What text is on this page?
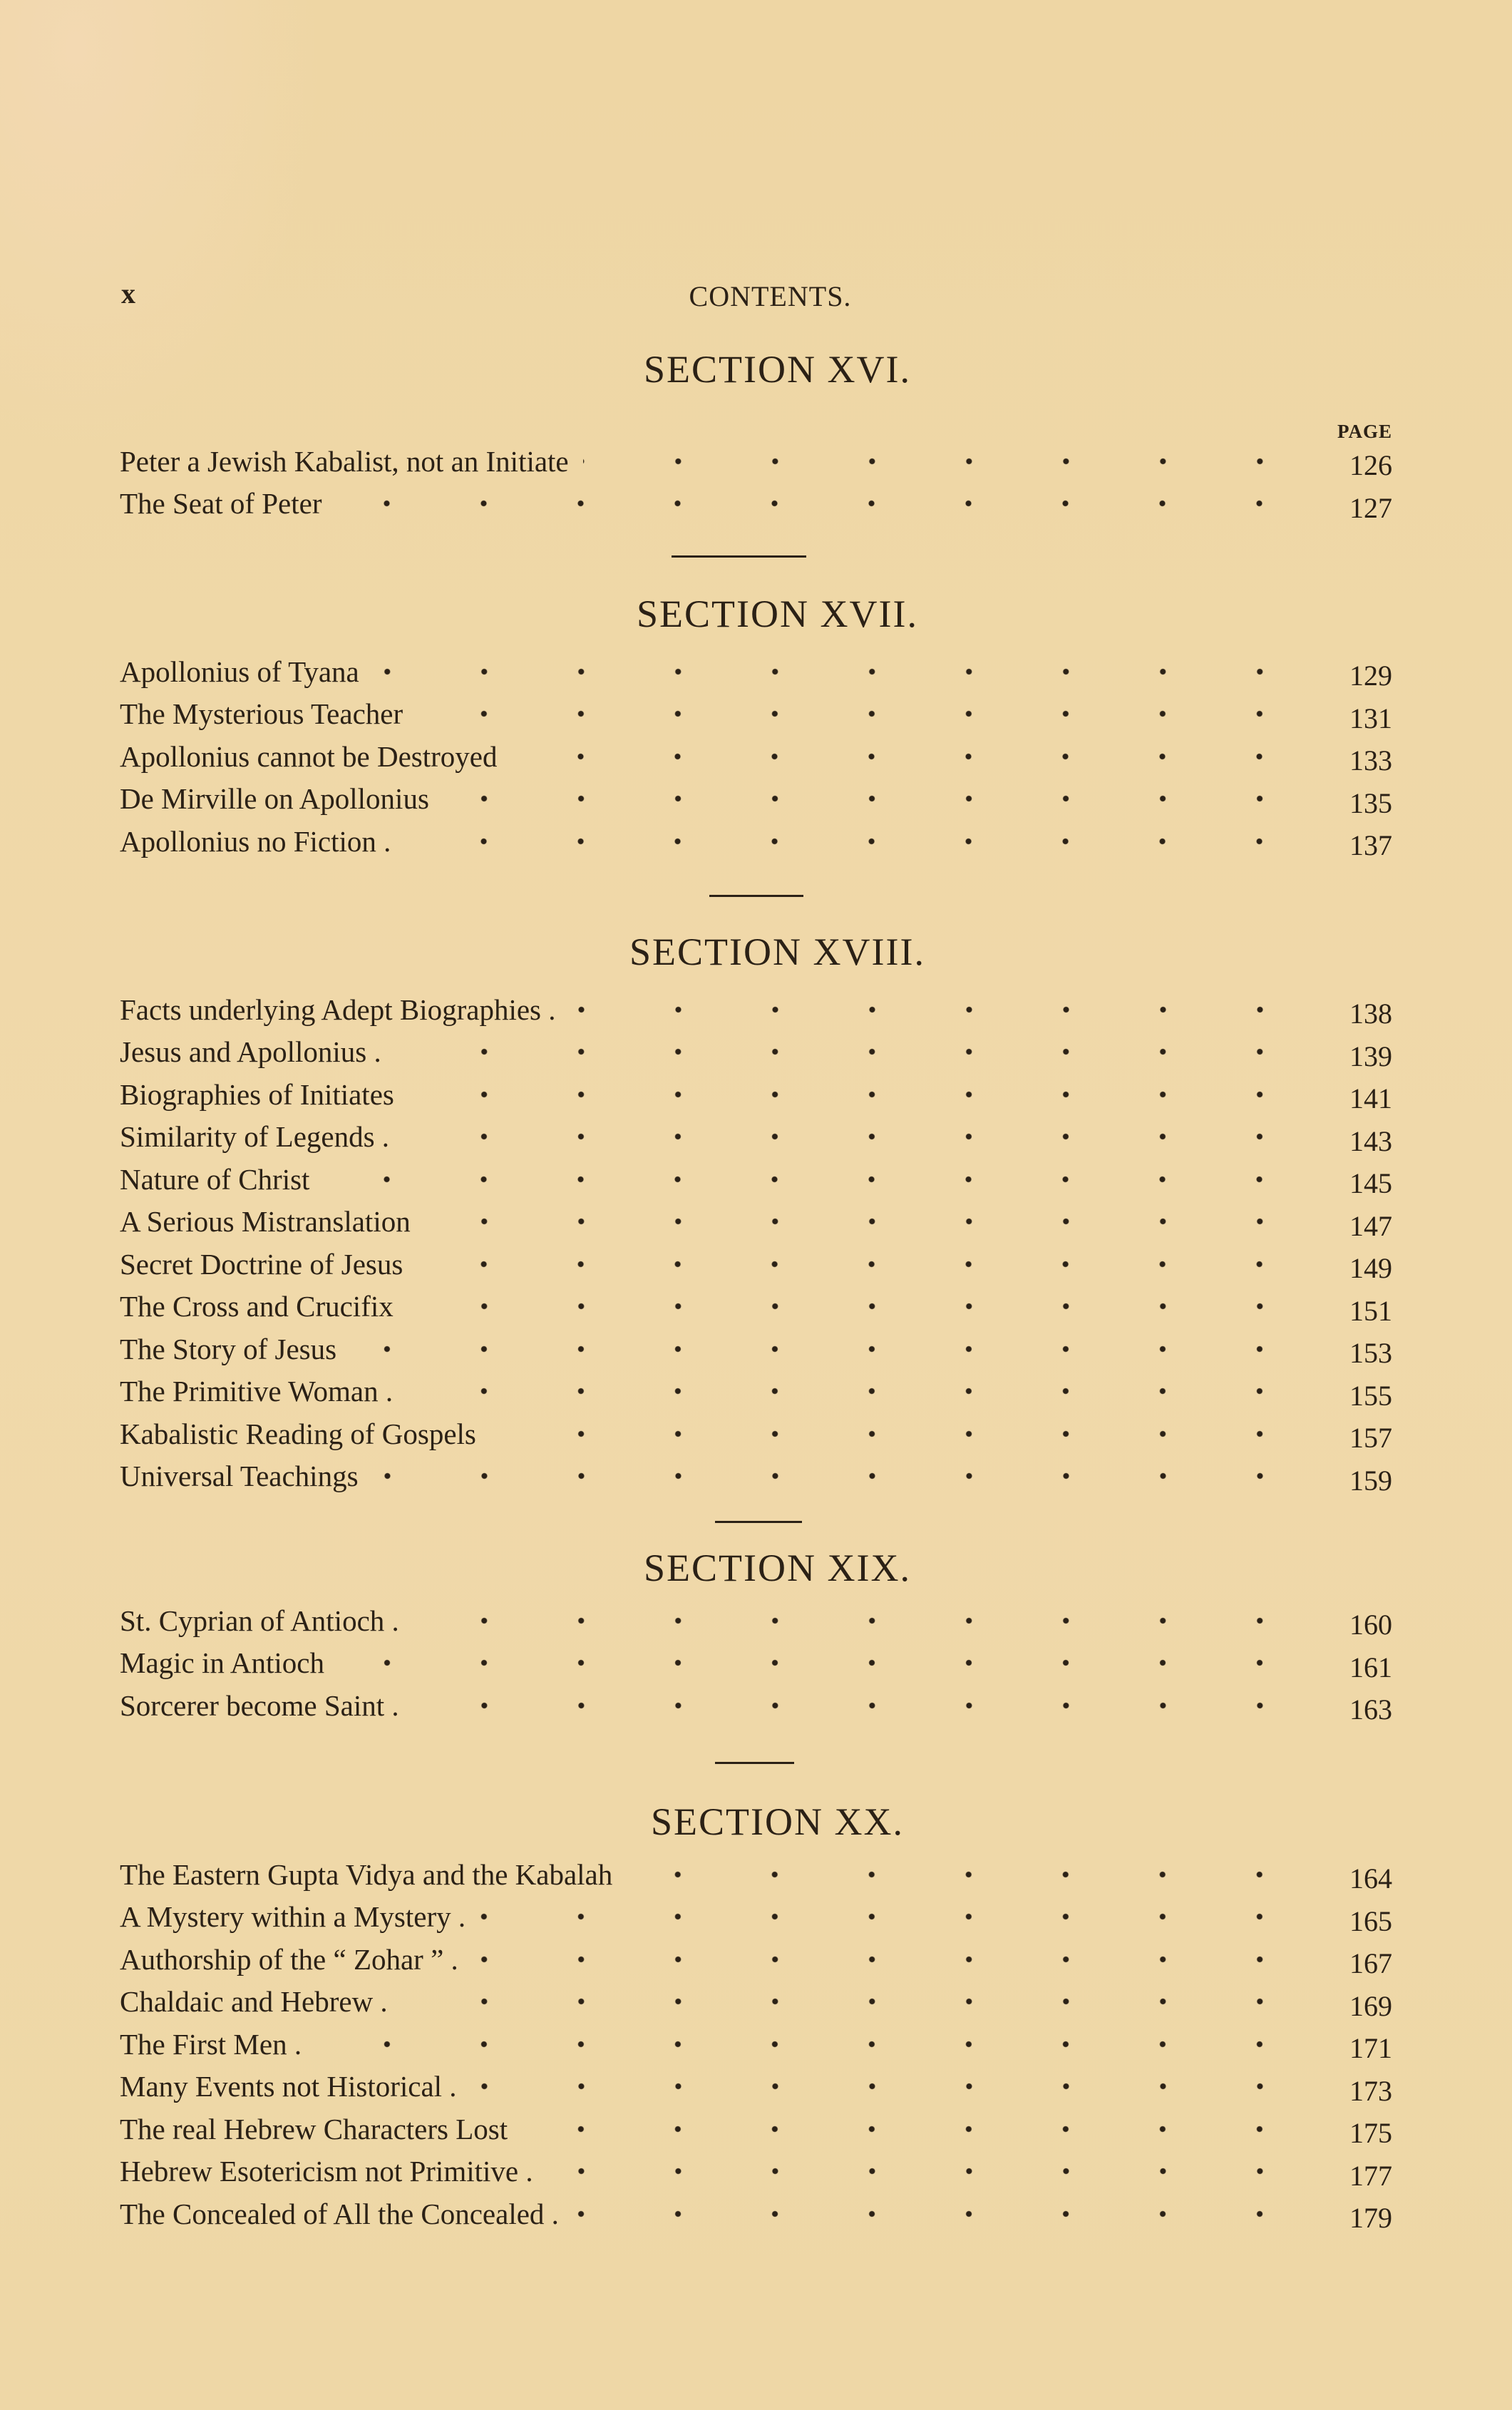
x	CONTENTS.
PAGE
SECTION XVI.
Peter a Jewish Kabalist, not an Initiate	126
The Seat of Peter	127
SECTION XVII.
Apollonius of Tyana	129
The Mysterious Teacher	131
Apollonius cannot be Destroyed	133
De Mirville on Apollonius	135
Apollonius no Fiction .	137
SECTION XVIII.
Facts underlying Adept Biographies .	138
Jesus and Apollonius .	139
Biographies of Initiates	141
Similarity of Legends .	143
Nature of Christ	145
A Serious Mistranslation	147
Secret Doctrine of Jesus	149
The Cross and Crucifix	151
The Story of Jesus	153
The Primitive Woman .	155
Kabalistic Reading of Gospels	157
Universal Teachings	159
SECTION XIX.
St. Cyprian of Antioch .	160
Magic in Antioch	161
Sorcerer become Saint .	163
SECTION XX.
The Eastern Gupta Vidya and the Kabalah	164
A Mystery within a Mystery .	165
Authorship of the “ Zohar ” .	167
Chaldaic and Hebrew .	169
The First Men .	171
Many Events not Historical .	173
The real Hebrew Characters Lost	175
Hebrew Esotericism not Primitive .	177
The Concealed of All the Concealed .	179
